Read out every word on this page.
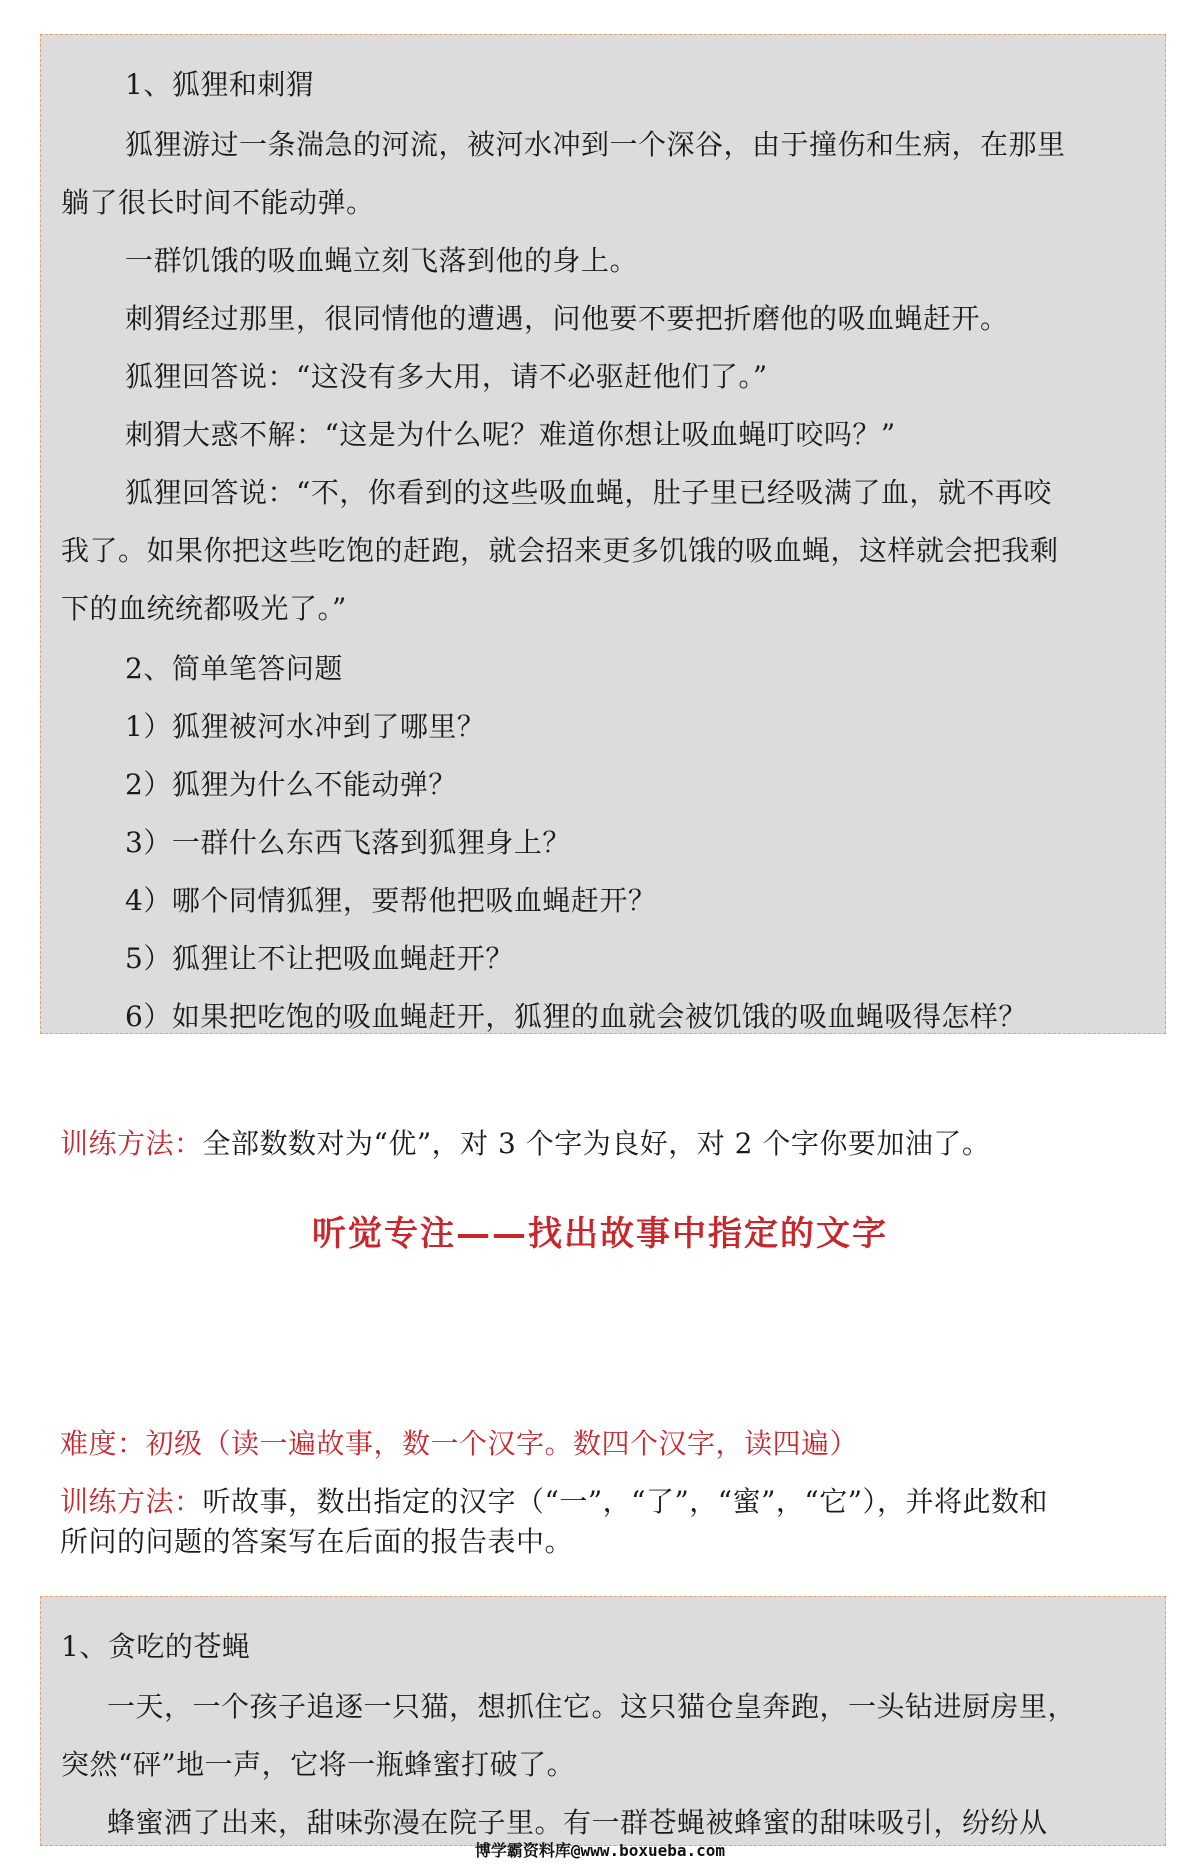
1、狐狸和刺猬
狐狸游过一条湍急的河流，被河水冲到一个深谷，由于撞伤和生病，在那里
躺了很长时间不能动弹。
一群饥饿的吸血蝇立刻飞落到他的身上。
刺猬经过那里，很同情他的遭遇，问他要不要把折磨他的吸血蝇赶开。
狐狸回答说：“这没有多大用，请不必驱赶他们了。”
刺猬大惑不解：“这是为什么呢？难道你想让吸血蝇叮咬吗？”
狐狸回答说：“不，你看到的这些吸血蝇，肚子里已经吸满了血，就不再咬
我了。如果你把这些吃饱的赶跑，就会招来更多饥饿的吸血蝇，这样就会把我剩
下的血统统都吸光了。”
2、简单笔答问题
1）狐狸被河水冲到了哪里？
2）狐狸为什么不能动弹？
3）一群什么东西飞落到狐狸身上？
4）哪个同情狐狸，要帮他把吸血蝇赶开？
5）狐狸让不让把吸血蝇赶开？
6）如果把吃饱的吸血蝇赶开，狐狸的血就会被饥饿的吸血蝇吸得怎样？
训练方法：全部数数对为“优”，对 3 个字为良好，对 2 个字你要加油了。
听觉专注——找出故事中指定的文字
难度：初级（读一遍故事，数一个汉字。数四个汉字，读四遍）
训练方法：听故事，数出指定的汉字（“一”，“了”，“蜜”，“它”），并将此数和
所问的问题的答案写在后面的报告表中。
1、贪吃的苍蝇
一天，一个孩子追逐一只猫，想抓住它。这只猫仓皇奔跑，一头钻进厨房里，
突然“砰”地一声，它将一瓶蜂蜜打破了。
蜂蜜洒了出来，甜味弥漫在院子里。有一群苍蝇被蜂蜜的甜味吸引，纷纷从
博学霸资料库@www.boxueba.com
